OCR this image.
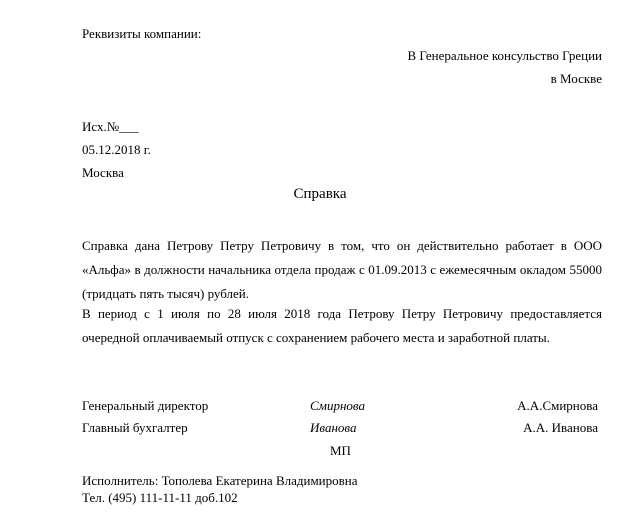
Реквизиты компании:
В Генеральное консульство Греции
в Москве
Исх.№___
05.12.2018 г.
Москва
Справка
Справка дана Петрову Петру Петровичу в том, что он действительно работает в ООО «Альфа» в должности начальника отдела продаж с 01.09.2013 с ежемесячным окладом 55000 (тридцать пять тысяч) рублей.
В период с 1 июля по 28 июля 2018 года Петрову Петру Петровичу предоставляется очередной оплачиваемый отпуск с сохранением рабочего места и заработной платы.
Генеральный директор	Смирнова	А.А.Смирнова
Главный бухгалтер	Иванова	А.А. Иванова
МП
Исполнитель: Тополева Екатерина Владимировна
Тел. (495) 111-11-11 доб.102
